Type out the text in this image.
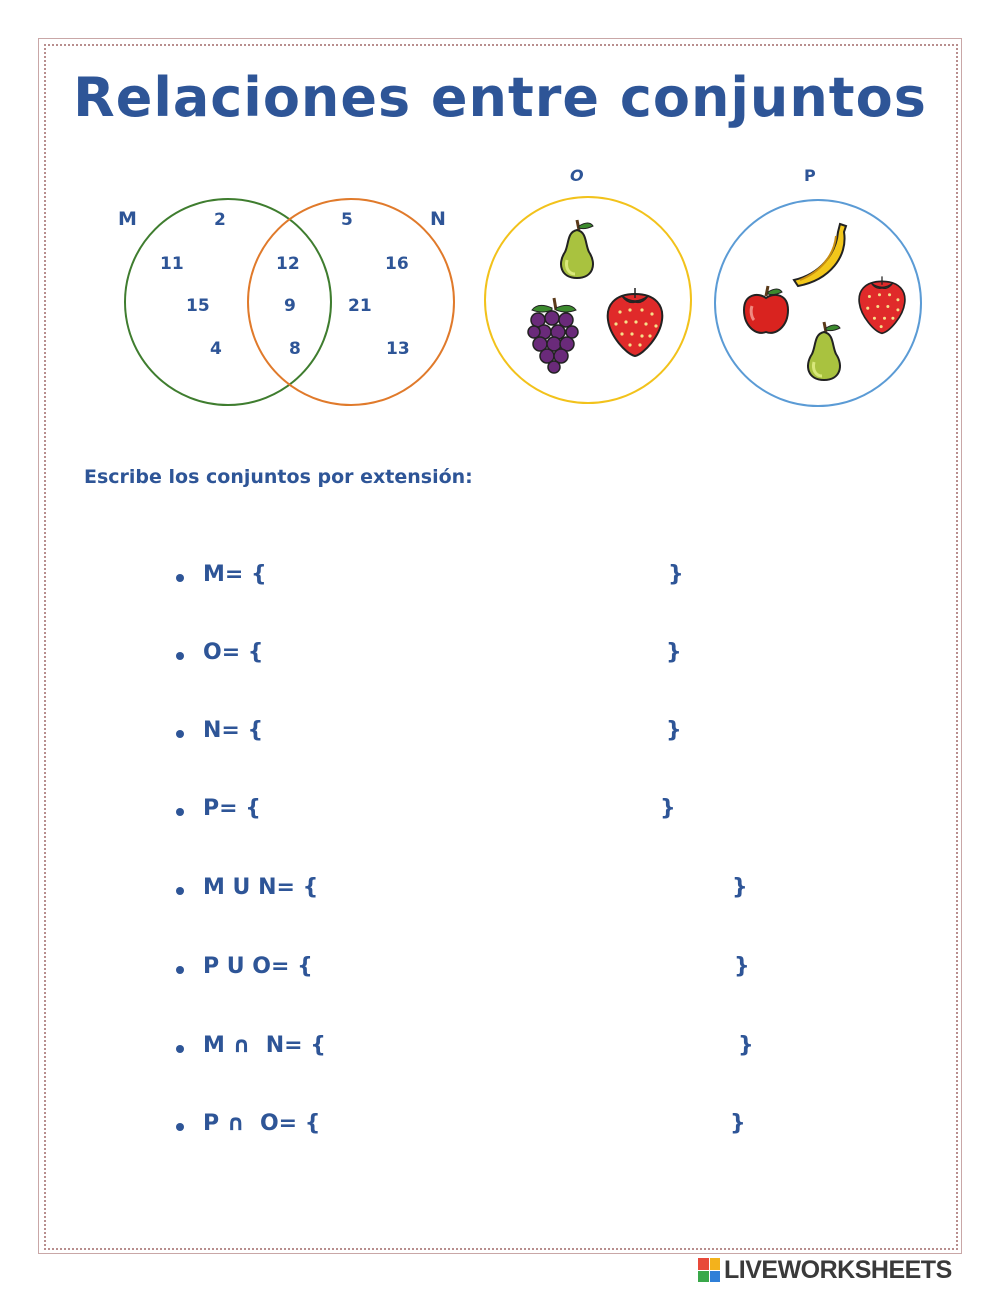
Relaciones entre conjuntos
M	N
2
11
15
4
12
9
8
5
16
21
13
O	P
Escribe los conjuntos por extensión:
M= {	}
O= {	}
N= {	}
P= {	}
M U N= {	}
P U O= {	}
M ∩  N= {	}
P ∩  O= {	}
LIVEWORKSHEETS
